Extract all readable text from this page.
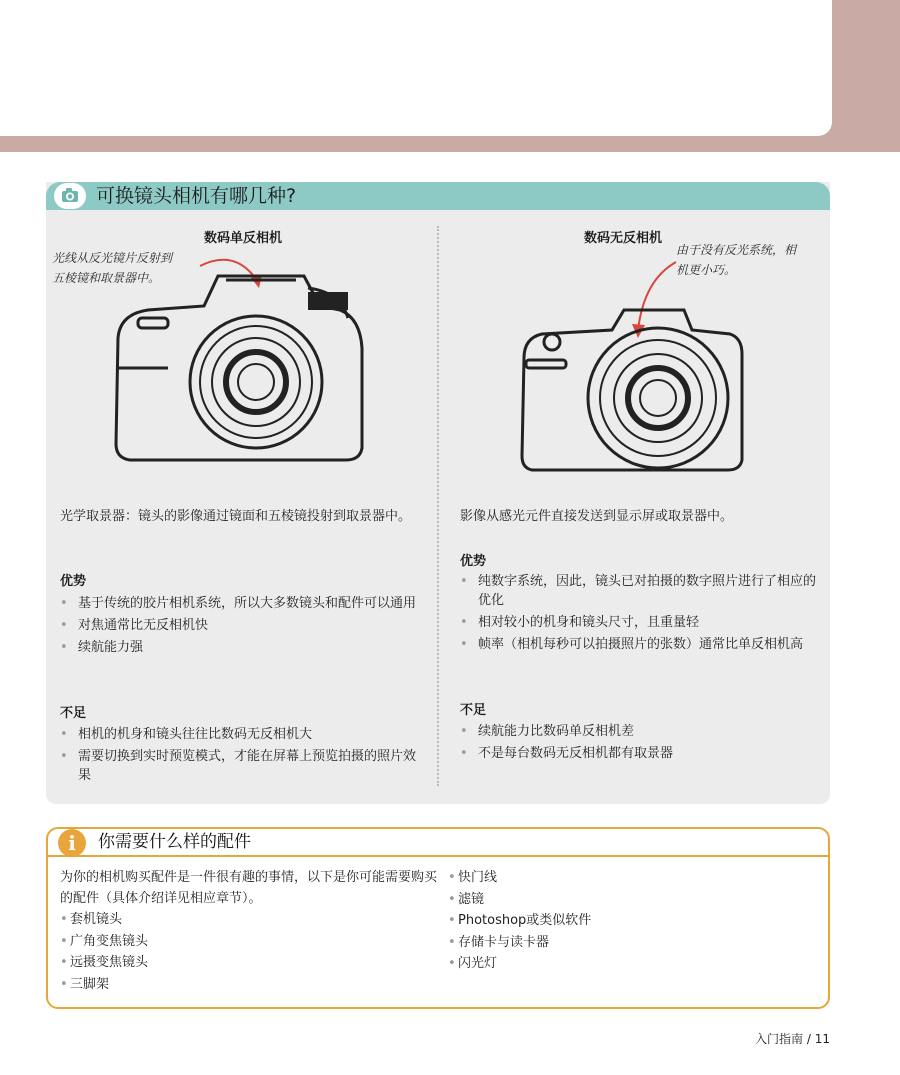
可换镜头相机有哪几种?
数码单反相机
光线从反光镜片反射到
五棱镜和取景器中。
光学取景器：镜头的影像通过镜面和五棱镜投射到取景器中。
优势
• 基于传统的胶片相机系统，所以大多数镜头和配件可以通用
• 对焦通常比无反相机快
• 续航能力强
不足
• 相机的机身和镜头往往比数码无反相机大
• 需要切换到实时预览模式，才能在屏幕上预览拍摄的照片效果
数码无反相机
由于没有反光系统，相
机更小巧。
影像从感光元件直接发送到显示屏或取景器中。
优势
• 纯数字系统，因此，镜头已对拍摄的数字照片进行了相应的优化
• 相对较小的机身和镜头尺寸，且重量轻
• 帧率（相机每秒可以拍摄照片的张数）通常比单反相机高
不足
• 续航能力比数码单反相机差
• 不是每台数码无反相机都有取景器
i	你需要什么样的配件
为你的相机购买配件是一件很有趣的事情，以下是你可能需要购买的配件（具体介绍详见相应章节）。
• 套机镜头
• 广角变焦镜头
• 远摄变焦镜头
• 三脚架
• 快门线
• 滤镜
• Photoshop或类似软件
• 存储卡与读卡器
• 闪光灯
入门指南 / 11
